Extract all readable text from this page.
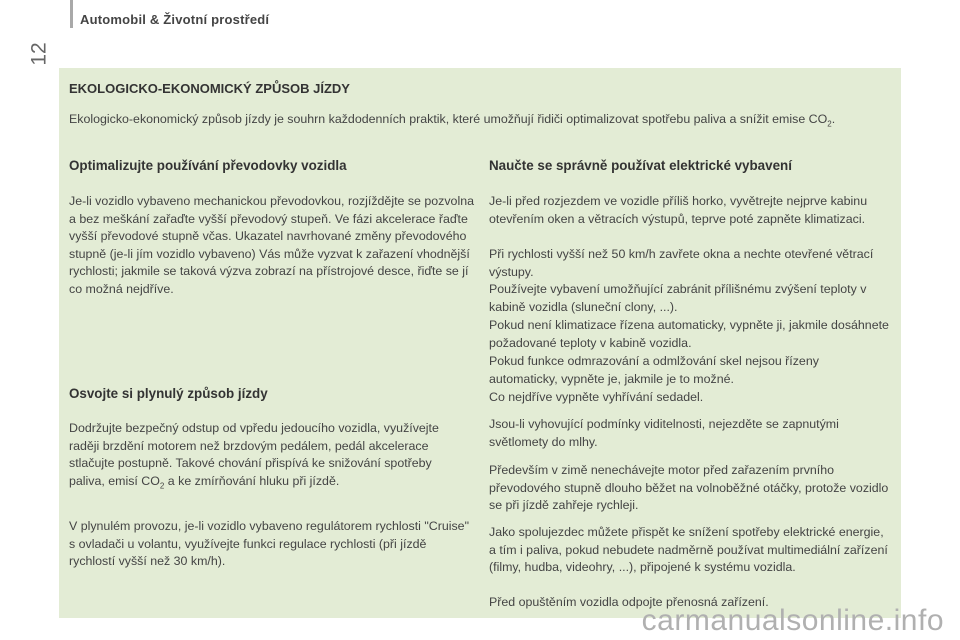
Automobil & Životní prostředí
12
EKOLOGICKO-EKONOMICKÝ ZPŮSOB JÍZDY
Ekologicko-ekonomický způsob jízdy je souhrn každodenních praktik, které umožňují řidiči optimalizovat spotřebu paliva a snížit emise $CO_2$.
Optimalizujte používání převodovky vozidla

Je-li vozidlo vybaveno mechanickou převodovkou, rozjíždějte se pozvolna a bez meškání zařaďte vyšší převodový stupeň. Ve fázi akcelerace řaďte vyšší převodové stupně včas. Ukazatel navrhované změny převodového stupně (je-li jím vozidlo vybaveno) Vás může vyzvat k zařazení vhodnější rychlosti; jakmile se taková výzva zobrazí na přístrojové desce, řiďte se jí co možná nejdříve.

Osvojte si plynulý způsob jízdy

Dodržujte bezpečný odstup od vpředu jedoucího vozidla, využívejte raději brzdění motorem než brzdovým pedálem, pedál akcelerace stlačujte postupně. Takové chování přispívá ke snižování spotřeby paliva, emisí $CO_2$ a ke zmírňování hluku při jízdě.

V plynulém provozu, je-li vozidlo vybaveno regulátorem rychlosti "Cruise" s ovladači u volantu, využívejte funkci regulace rychlosti (při jízdě rychlostí vyšší než 30 km/h).

Naučte se správně používat elektrické vybavení

Je-li před rozjezdem ve vozidle příliš horko, vyvětrejte nejprve kabinu otevřením oken a větracích výstupů, teprve poté zapněte klimatizaci.

Při rychlosti vyšší než 50 km/h zavřete okna a nechte otevřené větrací výstupy.

Používejte vybavení umožňující zabránit přílišnému zvýšení teploty v kabině vozidla (sluneční clony, ...).

Pokud není klimatizace řízena automaticky, vypněte ji, jakmile dosáhnete požadované teploty v kabině vozidla.

Pokud funkce odmrazování a odmlžování skel nejsou řízeny automaticky, vypněte je, jakmile je to možné.

Co nejdříve vypněte vyhřívání sedadel.

Jsou-li vyhovující podmínky viditelnosti, nejezděte se zapnutými světlomety do mlhy.

Především v zimě nenechávejte motor před zařazením prvního převodového stupně dlouho běžet na volnoběžné otáčky, protože vozidlo se při jízdě zahřeje rychleji.

Jako spolujezdec můžete přispět ke snížení spotřeby elektrické energie, a tím i paliva, pokud nebudete nadměrně používat multimediální zařízení (filmy, hudba, videohry, ...), připojené k systému vozidla.

Před opuštěním vozidla odpojte přenosná zařízení.

carmanualsonline.info
